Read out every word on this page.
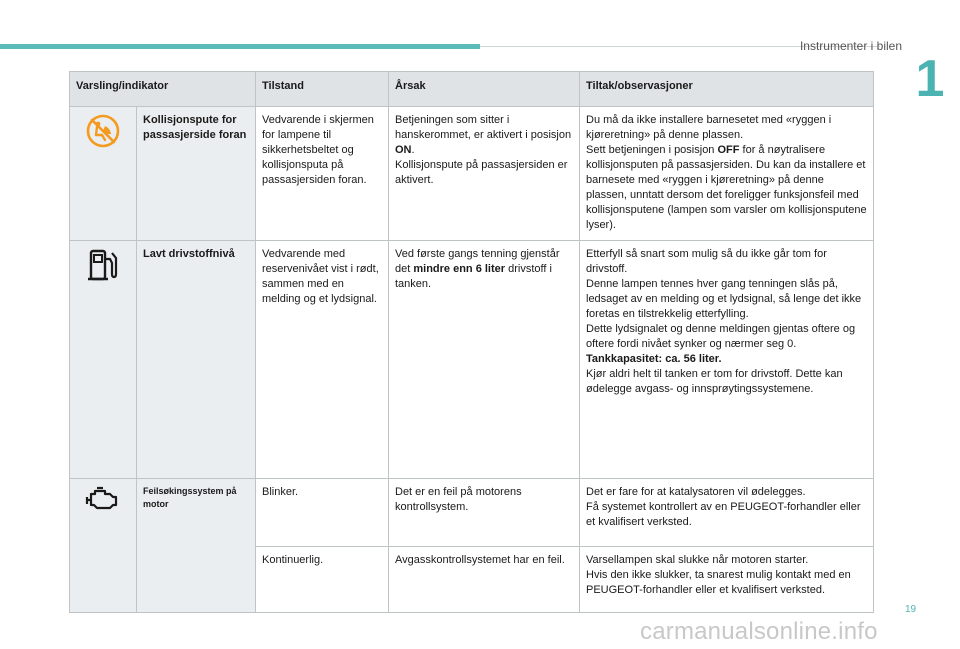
Instrumenter i bilen
1
Varsling/indikator		Tilstand	Årsak	Tiltak/observasjoner
	Kollisjonspute for passasjerside foran	Vedvarende i skjermen for lampene til sikkerhetsbeltet og kollisjonsputa på passasjersiden foran.	Betjeningen som sitter i hanskerommet, er aktivert i posisjon ON.
Kollisjonspute på passasjersiden er aktivert.	Du må da ikke installere barnesetet med «ryggen i kjøreretning» på denne plassen.
Sett betjeningen i posisjon OFF for å nøytralisere kollisjonsputen på passasjersiden. Du kan da installere et barnesete med «ryggen i kjøreretning» på denne plassen, unntatt dersom det foreligger funksjonsfeil med kollisjonsputene (lampen som varsler om kollisjonsputene lyser).
	Lavt drivstoffnivå	Vedvarende med reservenivået vist i rødt, sammen med en melding og et lydsignal.	Ved første gangs tenning gjenstår det mindre enn 6 liter drivstoff i tanken.	Etterfyll så snart som mulig så du ikke går tom for drivstoff.
Denne lampen tennes hver gang tenningen slås på, ledsaget av en melding og et lydsignal, så lenge det ikke foretas en tilstrekkelig etterfylling.
Dette lydsignalet og denne meldingen gjentas oftere og oftere fordi nivået synker og nærmer seg 0.
Tankkapasitet: ca. 56 liter.
Kjør aldri helt til tanken er tom for drivstoff. Dette kan ødelegge avgass- og innsprøytingssystemene.
	Feilsøkingssystem på motor	Blinker.	Det er en feil på motorens kontrollsystem.	Det er fare for at katalysatoren vil ødelegges.
Få systemet kontrollert av en PEUGEOT-forhandler eller et kvalifisert verksted.
		Kontinuerlig.	Avgasskontrollsystemet har en feil.	Varsellampen skal slukke når motoren starter.
Hvis den ikke slukker, ta snarest mulig kontakt med en PEUGEOT-forhandler eller et kvalifisert verksted.
19
carmanualsonline.info
